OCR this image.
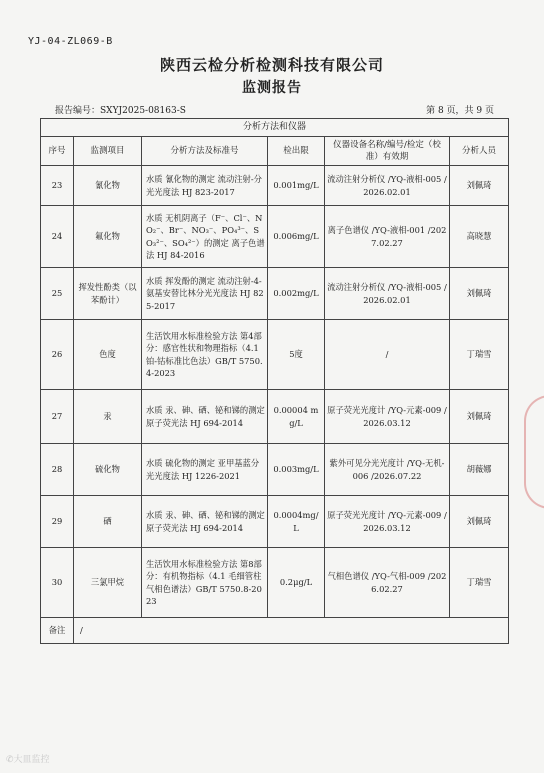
YJ-04-ZL069-B
陕西云检分析检测科技有限公司
监测报告
报告编号：SXYJ2025-08163-S	第 8 页，共 9 页
分析方法和仪器					
序号	监测项目	分析方法及标准号	检出限	仪器设备名称/编号/检定（校准）有效期	分析人员
23	氰化物	水质 氰化物的测定 流动注射-分光光度法 HJ 823-2017	0.001mg/L	流动注射分析仪 /YQ-液相-005 /2026.02.01	刘佩琦
24	氟化物	水质 无机阴离子（F⁻、Cl⁻、NO₂⁻、Br⁻、NO₃⁻、PO₄³⁻、SO₃²⁻、SO₄²⁻）的测定 离子色谱法 HJ 84-2016	0.006mg/L	离子色谱仪 /YQ-液相-001 /2027.02.27	高晓慧
25	挥发性酚类（以苯酚计）	水质 挥发酚的测定 流动注射-4-氨基安替比林分光光度法 HJ 825-2017	0.002mg/L	流动注射分析仪 /YQ-液相-005 /2026.02.01	刘佩琦
26	色度	生活饮用水标准检验方法 第4部分：感官性状和物理指标（4.1 铂-钴标准比色法）GB/T 5750.4-2023	5度	/	丁瑞雪
27	汞	水质 汞、砷、硒、铋和锑的测定 原子荧光法 HJ 694-2014	0.00004 mg/L	原子荧光光度计 /YQ-元素-009 /2026.03.12	刘佩琦
28	硫化物	水质 硫化物的测定 亚甲基蓝分光光度法 HJ 1226-2021	0.003mg/L	紫外可见分光光度计 /YQ-无机-006 /2026.07.22	胡薇娜
29	硒	水质 汞、砷、硒、铋和锑的测定 原子荧光法 HJ 694-2014	0.0004mg/ L	原子荧光光度计 /YQ-元素-009 /2026.03.12	刘佩琦
30	三氯甲烷	生活饮用水标准检验方法 第8部分：有机物指标（4.1 毛细管柱气相色谱法）GB/T 5750.8-2023	0.2μg/L	气相色谱仪 /YQ-气相-009 /2026.02.27	丁瑞雪
备注	/				
✆大皿监控
